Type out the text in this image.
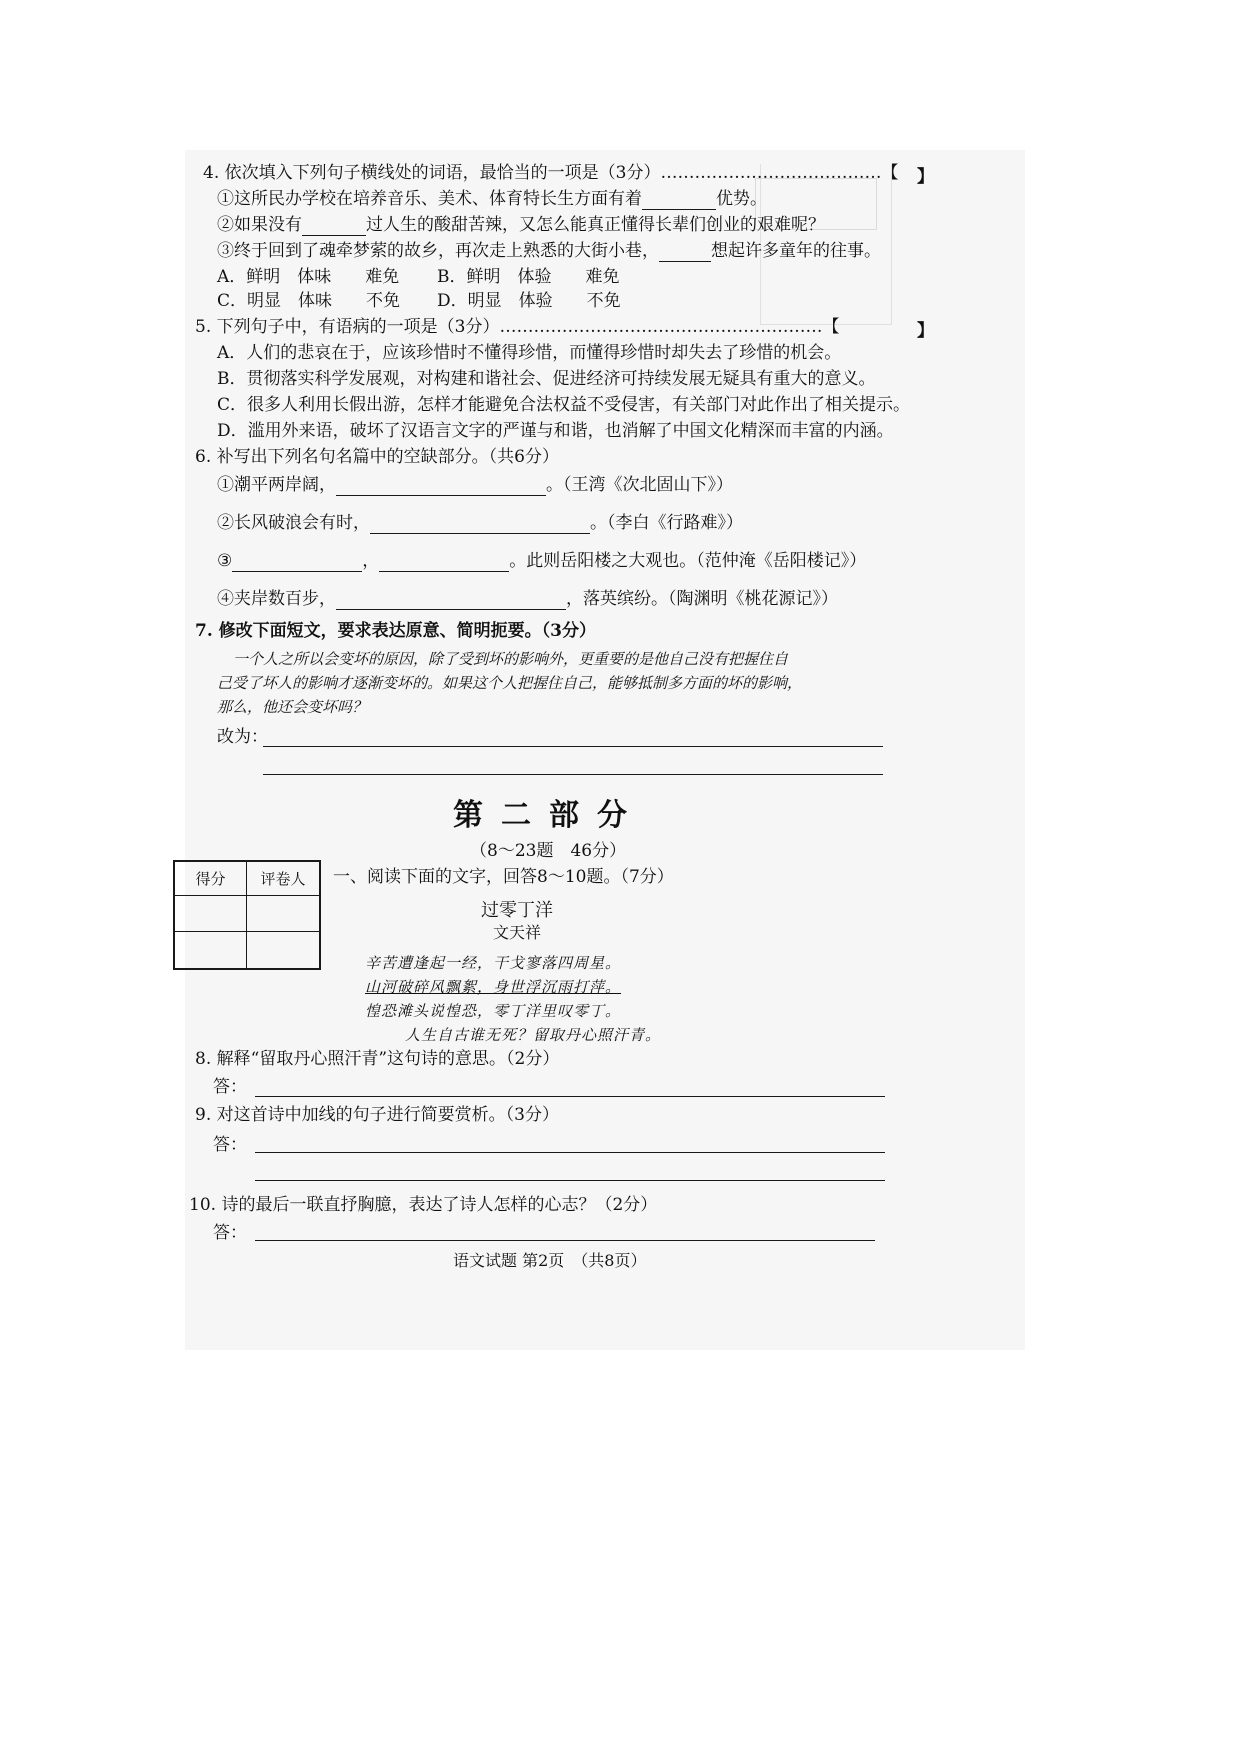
4. 依次填入下列句子横线处的词语，最恰当的一项是（3分）…………………………………【
　　】
①这所民办学校在培养音乐、美术、体育特长生方面有着	优势。
②如果没有	过人生的酸甜苦辣，又怎么能真正懂得长辈们创业的艰难呢？
③终于回到了魂牵梦萦的故乡，再次走上熟悉的大街小巷，	想起许多童年的往事。
A．鲜明　体味　　难免 B．鲜明　体验　　难免
C．明显　体味　　不免 D．明显　体验　　不免
5. 下列句子中，有语病的一项是（3分）…………………………………………………【	　　】
A．人们的悲哀在于，应该珍惜时不懂得珍惜，而懂得珍惜时却失去了珍惜的机会。
B．贯彻落实科学发展观，对构建和谐社会、促进经济可持续发展无疑具有重大的意义。
C．很多人利用长假出游，怎样才能避免合法权益不受侵害，有关部门对此作出了相关提示。
D．滥用外来语，破坏了汉语言文字的严谨与和谐，也消解了中国文化精深而丰富的内涵。
6. 补写出下列名句名篇中的空缺部分。（共6分）
①潮平两岸阔，	。（王湾《次北固山下》）
②长风破浪会有时，	。（李白《行路难》）
③	，	。此则岳阳楼之大观也。（范仲淹《岳阳楼记》）
④夹岸数百步，	，落英缤纷。（陶渊明《桃花源记》）
7. 修改下面短文，要求表达原意、简明扼要。（3分）
一个人之所以会变坏的原因，除了受到坏的影响外，更重要的是他自己没有把握住自
己受了坏人的影响才逐渐变坏的。如果这个人把握住自己，能够抵制多方面的坏的影响，
那么，他还会变坏吗？
改为：
第二部分
（8～23题　46分）
得分	评卷人	一、阅读下面的文字，回答8～10题。（7分）
过零丁洋
文天祥
辛苦遭逢起一经，干戈寥落四周星。
山河破碎风飘絮，身世浮沉雨打萍。
惶恐滩头说惶恐，零丁洋里叹零丁。
人生自古谁无死？留取丹心照汗青。
8. 解释“留取丹心照汗青”这句诗的意思。（2分）
答：
9. 对这首诗中加线的句子进行简要赏析。（3分）
答：
10. 诗的最后一联直抒胸臆，表达了诗人怎样的心志？（2分）
答：
语文试题 第2页　（共8页）
